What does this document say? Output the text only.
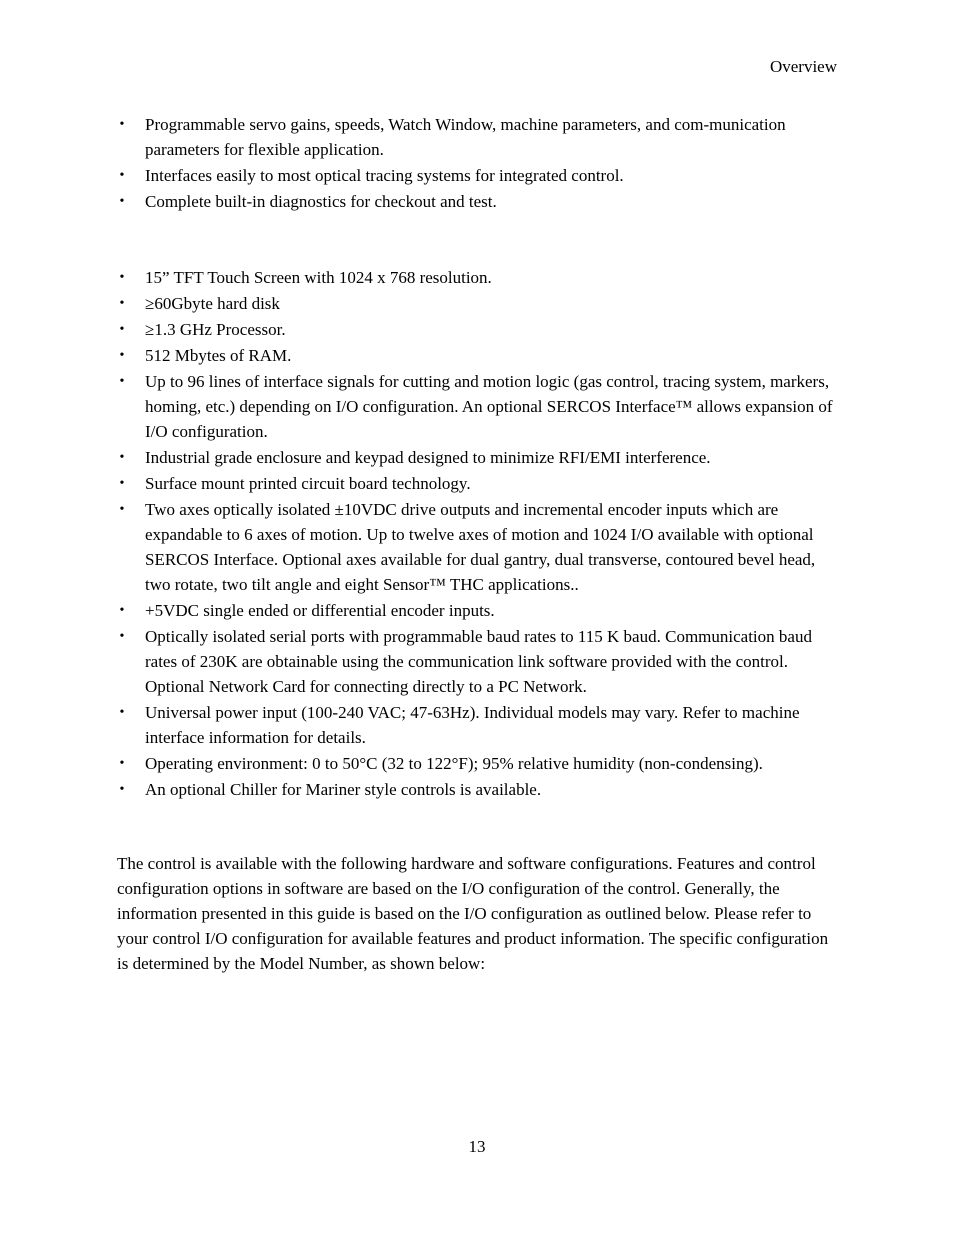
Overview
• Programmable servo gains, speeds, Watch Window, machine parameters, and com-munication parameters for flexible application.
• Interfaces easily to most optical tracing systems for integrated control.
• Complete built-in diagnostics for checkout and test.
• 15” TFT Touch Screen with 1024 x 768 resolution.
• ≥60Gbyte hard disk
• ≥1.3 GHz Processor.
• 512 Mbytes of RAM.
• Up to 96 lines of interface signals for cutting and motion logic (gas control, tracing system, markers, homing, etc.) depending on I/O configuration. An optional SERCOS Interface™ allows expansion of I/O configuration.
• Industrial grade enclosure and keypad designed to minimize RFI/EMI interference.
• Surface mount printed circuit board technology.
• Two axes optically isolated ±10VDC drive outputs and incremental encoder inputs which are expandable to 6 axes of motion. Up to twelve axes of motion and 1024 I/O available with optional SERCOS Interface. Optional axes available for dual gantry, dual transverse, contoured bevel head, two rotate, two tilt angle and eight Sensor™ THC applications..
• +5VDC single ended or differential encoder inputs.
• Optically isolated serial ports with programmable baud rates to 115 K baud. Communication baud rates of 230K are obtainable using the communication link software provided with the control. Optional Network Card for connecting directly to a PC Network.
• Universal power input (100-240 VAC; 47-63Hz). Individual models may vary. Refer to machine interface information for details.
• Operating environment: 0 to 50°C (32 to 122°F); 95% relative humidity (non-condensing).
• An optional Chiller for Mariner style controls is available.

The control is available with the following hardware and software configurations. Features and control configuration options in software are based on the I/O configuration of the control. Generally, the information presented in this guide is based on the I/O configuration as outlined below. Please refer to your control I/O configuration for available features and product information. The specific configuration is determined by the Model Number, as shown below:

13
